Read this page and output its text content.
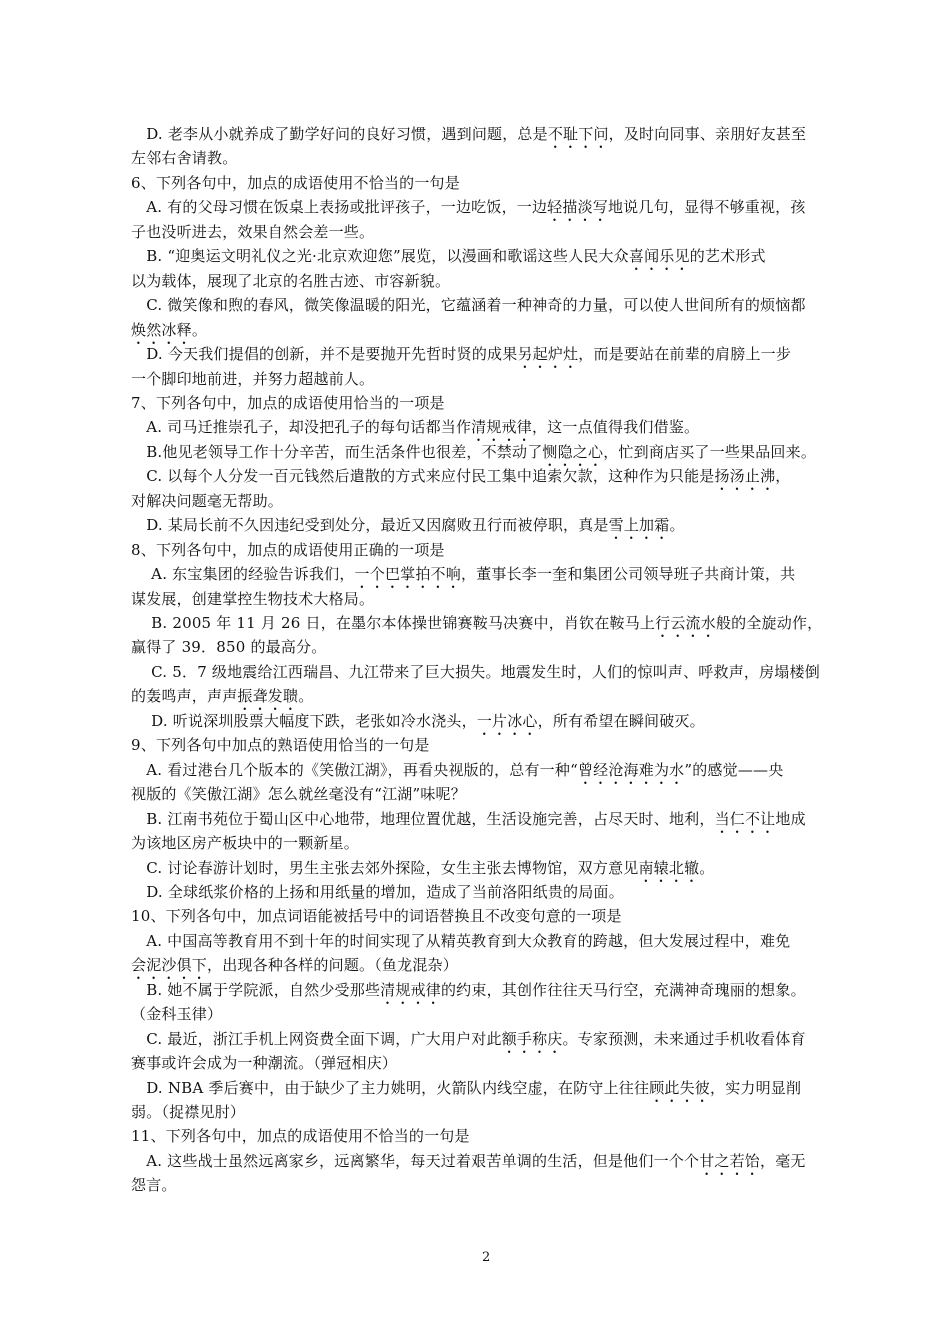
　D. 老李从小就养成了勤学好问的良好习惯，遇到问题，总是不耻下问，及时向同事、亲朋好友甚至
左邻右舍请教。
6、下列各句中，加点的成语使用不恰当的一句是
　A. 有的父母习惯在饭桌上表扬或批评孩子，一边吃饭，一边轻描淡写地说几句，显得不够重视，孩
子也没听进去，效果自然会差一些。
　B. “迎奥运文明礼仪之光·北京欢迎您”展览，以漫画和歌谣这些人民大众喜闻乐见的艺术形式
以为载体，展现了北京的名胜古迹、市容新貌。
　C. 微笑像和煦的春风，微笑像温暖的阳光，它蕴涵着一种神奇的力量，可以使人世间所有的烦恼都
焕然冰释。
　D. 今天我们提倡的创新，并不是要抛开先哲时贤的成果另起炉灶，而是要站在前辈的肩膀上一步
一个脚印地前进，并努力超越前人。
7、下列各句中，加点的成语使用恰当的一项是
　A. 司马迁推崇孔子，却没把孔子的每句话都当作清规戒律，这一点值得我们借鉴。
　B.他见老领导工作十分辛苦，而生活条件也很差，不禁动了恻隐之心，忙到商店买了一些果品回来。
　C. 以每个人分发一百元钱然后遣散的方式来应付民工集中追索欠款，这种作为只能是扬汤止沸，
对解决问题毫无帮助。
　D. 某局长前不久因违纪受到处分，最近又因腐败丑行而被停职，真是雪上加霜。
8、下列各句中，加点的成语使用正确的一项是
　 A. 东宝集团的经验告诉我们，一个巴掌拍不响，董事长李一奎和集团公司领导班子共商计策，共
谋发展，创建掌控生物技术大格局。
　 B. 2005 年 11 月 26 日，在墨尔本体操世锦赛鞍马决赛中，肖钦在鞍马上行云流水般的全旋动作，
赢得了 39．850 的最高分。
　 C. 5．7 级地震给江西瑞昌、九江带来了巨大损失。地震发生时，人们的惊叫声、呼救声，房塌楼倒
的轰鸣声，声声振聋发聩。
　 D. 听说深圳股票大幅度下跌，老张如冷水浇头，一片冰心，所有希望在瞬间破灭。
9、下列各句中加点的熟语使用恰当的一句是
　A. 看过港台几个版本的《笑傲江湖》，再看央视版的，总有一种“曾经沧海难为水”的感觉——央
视版的《笑傲江湖》怎么就丝毫没有“江湖”味呢？
　B. 江南书苑位于蜀山区中心地带，地理位置优越，生活设施完善，占尽天时、地利，当仁不让地成
为该地区房产板块中的一颗新星。
　C. 讨论春游计划时，男生主张去郊外探险，女生主张去博物馆，双方意见南辕北辙。
　D. 全球纸浆价格的上扬和用纸量的增加，造成了当前洛阳纸贵的局面。
10、下列各句中，加点词语能被括号中的词语替换且不改变句意的一项是
　A. 中国高等教育用不到十年的时间实现了从精英教育到大众教育的跨越，但大发展过程中，难免
会泥沙俱下，出现各种各样的问题。（鱼龙混杂）
　B. 她不属于学院派，自然少受那些清规戒律的约束，其创作往往天马行空，充满神奇瑰丽的想象。
（金科玉律）
　C. 最近，浙江手机上网资费全面下调，广大用户对此额手称庆。专家预测，未来通过手机收看体育
赛事或许会成为一种潮流。（弹冠相庆）
　D. NBA 季后赛中，由于缺少了主力姚明，火箭队内线空虚，在防守上往往顾此失彼，实力明显削
弱。（捉襟见肘）
11、下列各句中，加点的成语使用不恰当的一句是
　A. 这些战士虽然远离家乡，远离繁华，每天过着艰苦单调的生活，但是他们一个个甘之若饴，毫无
怨言。
2
